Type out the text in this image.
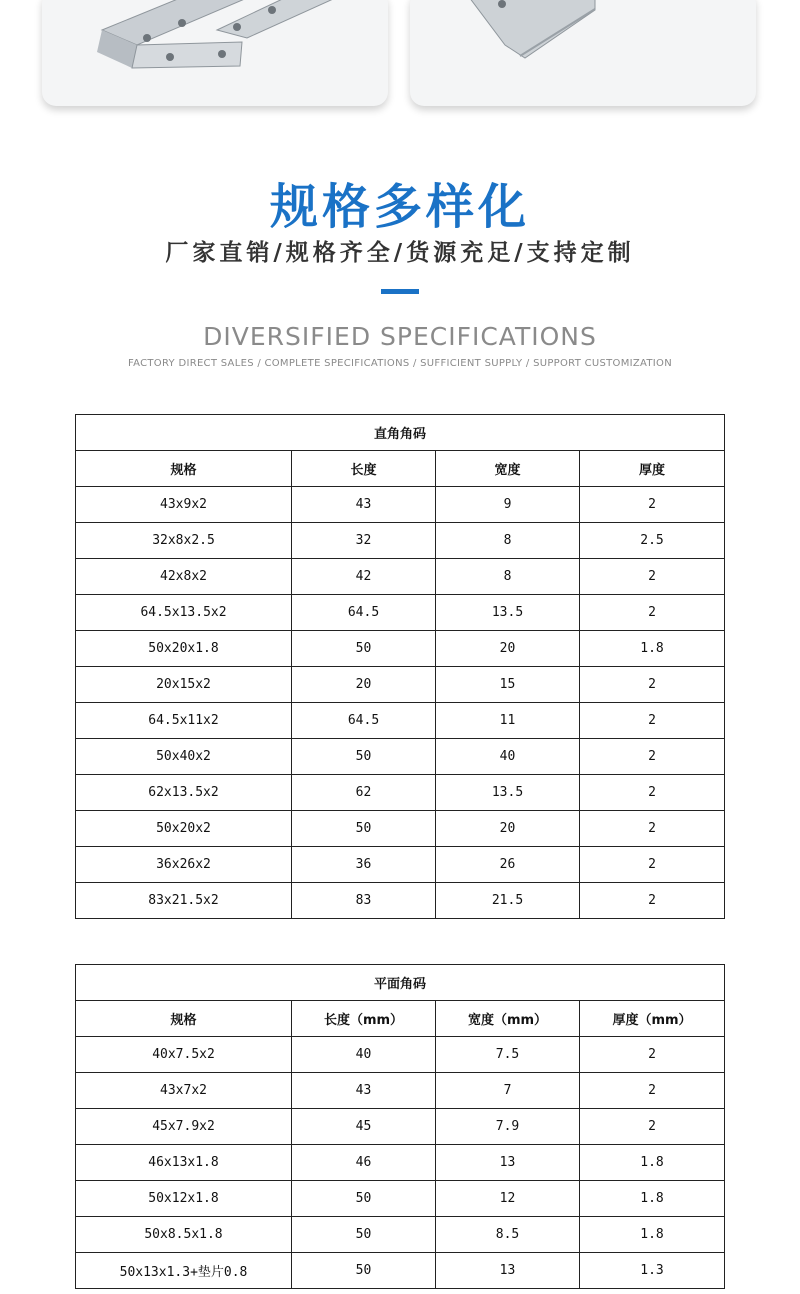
规格多样化
厂家直销/规格齐全/货源充足/支持定制
DIVERSIFIED SPECIFICATIONS
FACTORY DIRECT SALES / COMPLETE SPECIFICATIONS / SUFFICIENT SUPPLY / SUPPORT CUSTOMIZATION
直角角码			
规格	长度	宽度	厚度
43x9x2	43	9	2
32x8x2.5	32	8	2.5
42x8x2	42	8	2
64.5x13.5x2	64.5	13.5	2
50x20x1.8	50	20	1.8
20x15x2	20	15	2
64.5x11x2	64.5	11	2
50x40x2	50	40	2
62x13.5x2	62	13.5	2
50x20x2	50	20	2
36x26x2	36	26	2
83x21.5x2	83	21.5	2
平面角码			
规格	长度（mm）	宽度（mm）	厚度（mm）
40x7.5x2	40	7.5	2
43x7x2	43	7	2
45x7.9x2	45	7.9	2
46x13x1.8	46	13	1.8
50x12x1.8	50	12	1.8
50x8.5x1.8	50	8.5	1.8
50x13x1.3+垫片0.8	50	13	1.3
